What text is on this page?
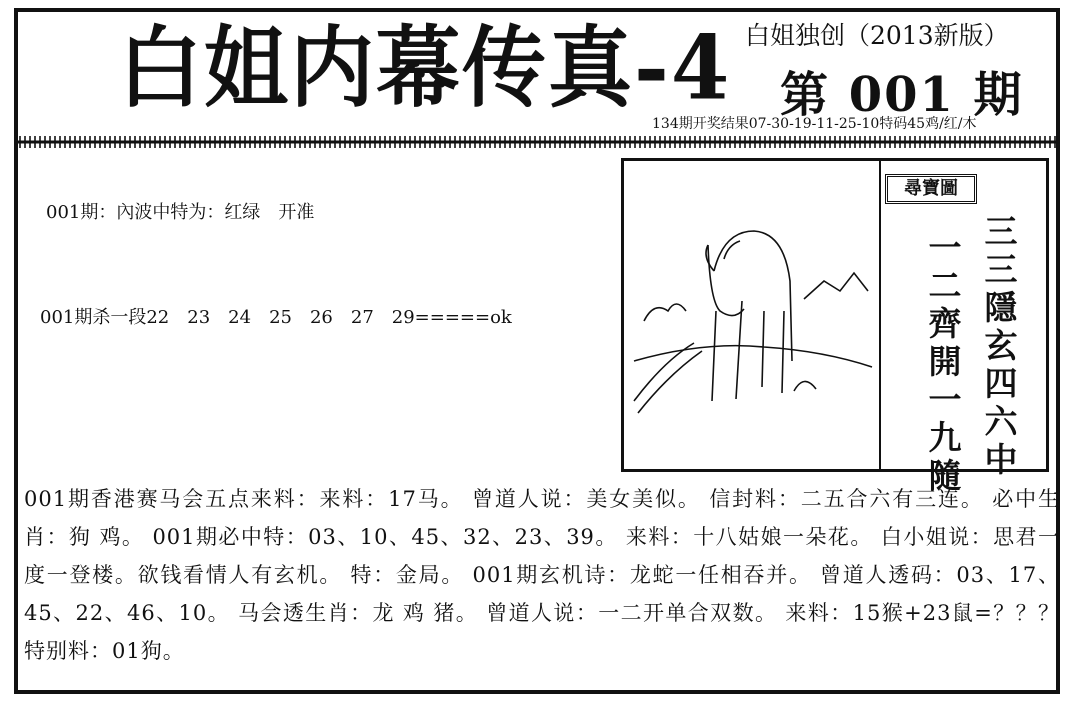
白姐内幕传真-4 白姐独创（2013新版）
第 001 期
134期开奖结果07-30-19-11-25-10特码45鸡/红/木
001期：內波中特为：红绿　开准
001期杀一段22　23　24　25　26　27　29=====ok
尋寶圖
一
二
齊
開
一
九
隨
三
三
隱
玄
四
六
中
001期香港赛马会五点来料：来料：17马。 曾道人说：美女美似。 信封料：二五合六有三连。 必中生肖：狗 鸡。 001期必中特：03、10、45、32、23、39。 来料：十八姑娘一朵花。 白小姐说：思君一度一登楼。欲钱看情人有玄机。 特：金局。 001期玄机诗：龙蛇一任相吞并。 曾道人透码：03、17、45、22、46、10。 马会透生肖：龙 鸡 猪。 曾道人说：一二开单合双数。 来料：15猴+23鼠=？？？ 特别料：01狗。
